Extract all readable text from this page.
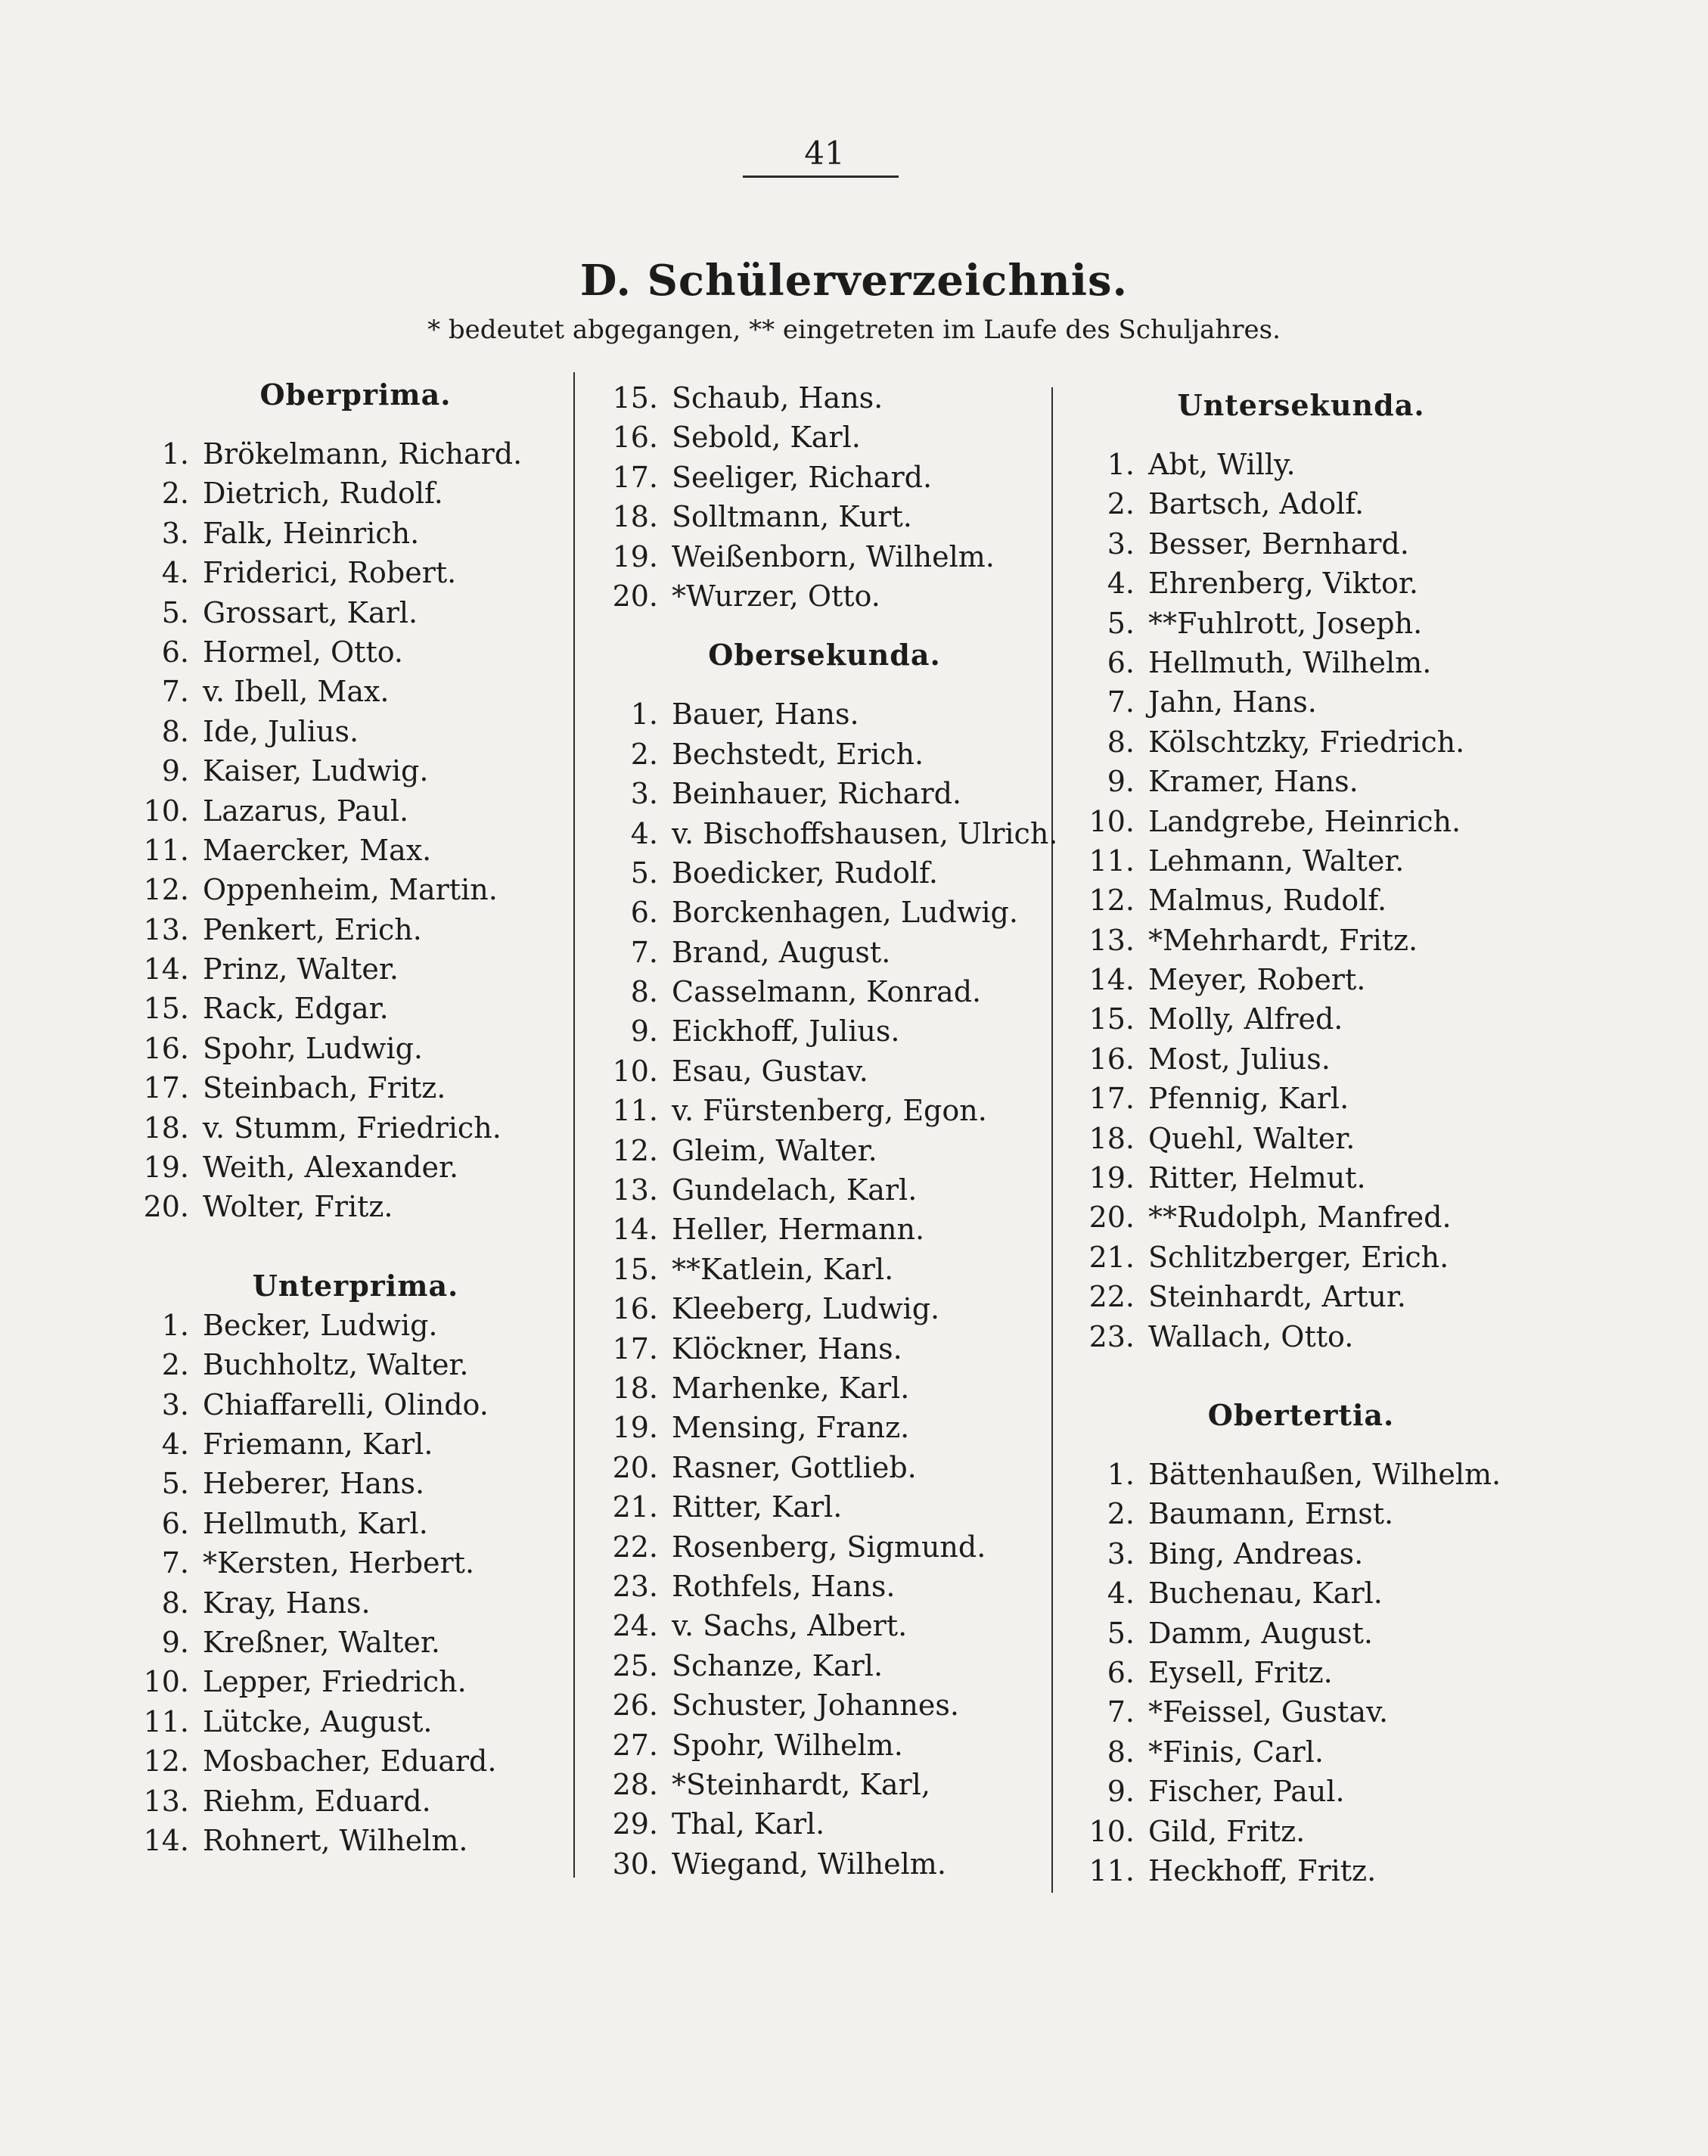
41
D. Schülerverzeichnis.
* bedeutet abgegangen, ** eingetreten im Laufe des Schuljahres.
Oberprima.
1. Brökelmann, Richard.
2. Dietrich, Rudolf.
3. Falk, Heinrich.
4. Friderici, Robert.
5. Grossart, Karl.
6. Hormel, Otto.
7. v. Ibell, Max.
8. Ide, Julius.
9. Kaiser, Ludwig.
10. Lazarus, Paul.
11. Maercker, Max.
12. Oppenheim, Martin.
13. Penkert, Erich.
14. Prinz, Walter.
15. Rack, Edgar.
16. Spohr, Ludwig.
17. Steinbach, Fritz.
18. v. Stumm, Friedrich.
19. Weith, Alexander.
20. Wolter, Fritz.
Unterprima.
1. Becker, Ludwig.
2. Buchholtz, Walter.
3. Chiaffarelli, Olindo.
4. Friemann, Karl.
5. Heberer, Hans.
6. Hellmuth, Karl.
7. *Kersten, Herbert.
8. Kray, Hans.
9. Kreßner, Walter.
10. Lepper, Friedrich.
11. Lütcke, August.
12. Mosbacher, Eduard.
13. Riehm, Eduard.
14. Rohnert, Wilhelm.
15. Schaub, Hans.
16. Sebold, Karl.
17. Seeliger, Richard.
18. Solltmann, Kurt.
19. Weißenborn, Wilhelm.
20. *Wurzer, Otto.
Obersekunda.
1. Bauer, Hans.
2. Bechstedt, Erich.
3. Beinhauer, Richard.
4. v. Bischoffshausen, Ulrich.
5. Boedicker, Rudolf.
6. Borckenhagen, Ludwig.
7. Brand, August.
8. Casselmann, Konrad.
9. Eickhoff, Julius.
10. Esau, Gustav.
11. v. Fürstenberg, Egon.
12. Gleim, Walter.
13. Gundelach, Karl.
14. Heller, Hermann.
15. **Katlein, Karl.
16. Kleeberg, Ludwig.
17. Klöckner, Hans.
18. Marhenke, Karl.
19. Mensing, Franz.
20. Rasner, Gottlieb.
21. Ritter, Karl.
22. Rosenberg, Sigmund.
23. Rothfels, Hans.
24. v. Sachs, Albert.
25. Schanze, Karl.
26. Schuster, Johannes.
27. Spohr, Wilhelm.
28. *Steinhardt, Karl,
29. Thal, Karl.
30. Wiegand, Wilhelm.
Untersekunda.
1. Abt, Willy.
2. Bartsch, Adolf.
3. Besser, Bernhard.
4. Ehrenberg, Viktor.
5. **Fuhlrott, Joseph.
6. Hellmuth, Wilhelm.
7. Jahn, Hans.
8. Kölschtzky, Friedrich.
9. Kramer, Hans.
10. Landgrebe, Heinrich.
11. Lehmann, Walter.
12. Malmus, Rudolf.
13. *Mehrhardt, Fritz.
14. Meyer, Robert.
15. Molly, Alfred.
16. Most, Julius.
17. Pfennig, Karl.
18. Quehl, Walter.
19. Ritter, Helmut.
20. **Rudolph, Manfred.
21. Schlitzberger, Erich.
22. Steinhardt, Artur.
23. Wallach, Otto.
Obertertia.
1. Bättenhaußen, Wilhelm.
2. Baumann, Ernst.
3. Bing, Andreas.
4. Buchenau, Karl.
5. Damm, August.
6. Eysell, Fritz.
7. *Feissel, Gustav.
8. *Finis, Carl.
9. Fischer, Paul.
10. Gild, Fritz.
11. Heckhoff, Fritz.
